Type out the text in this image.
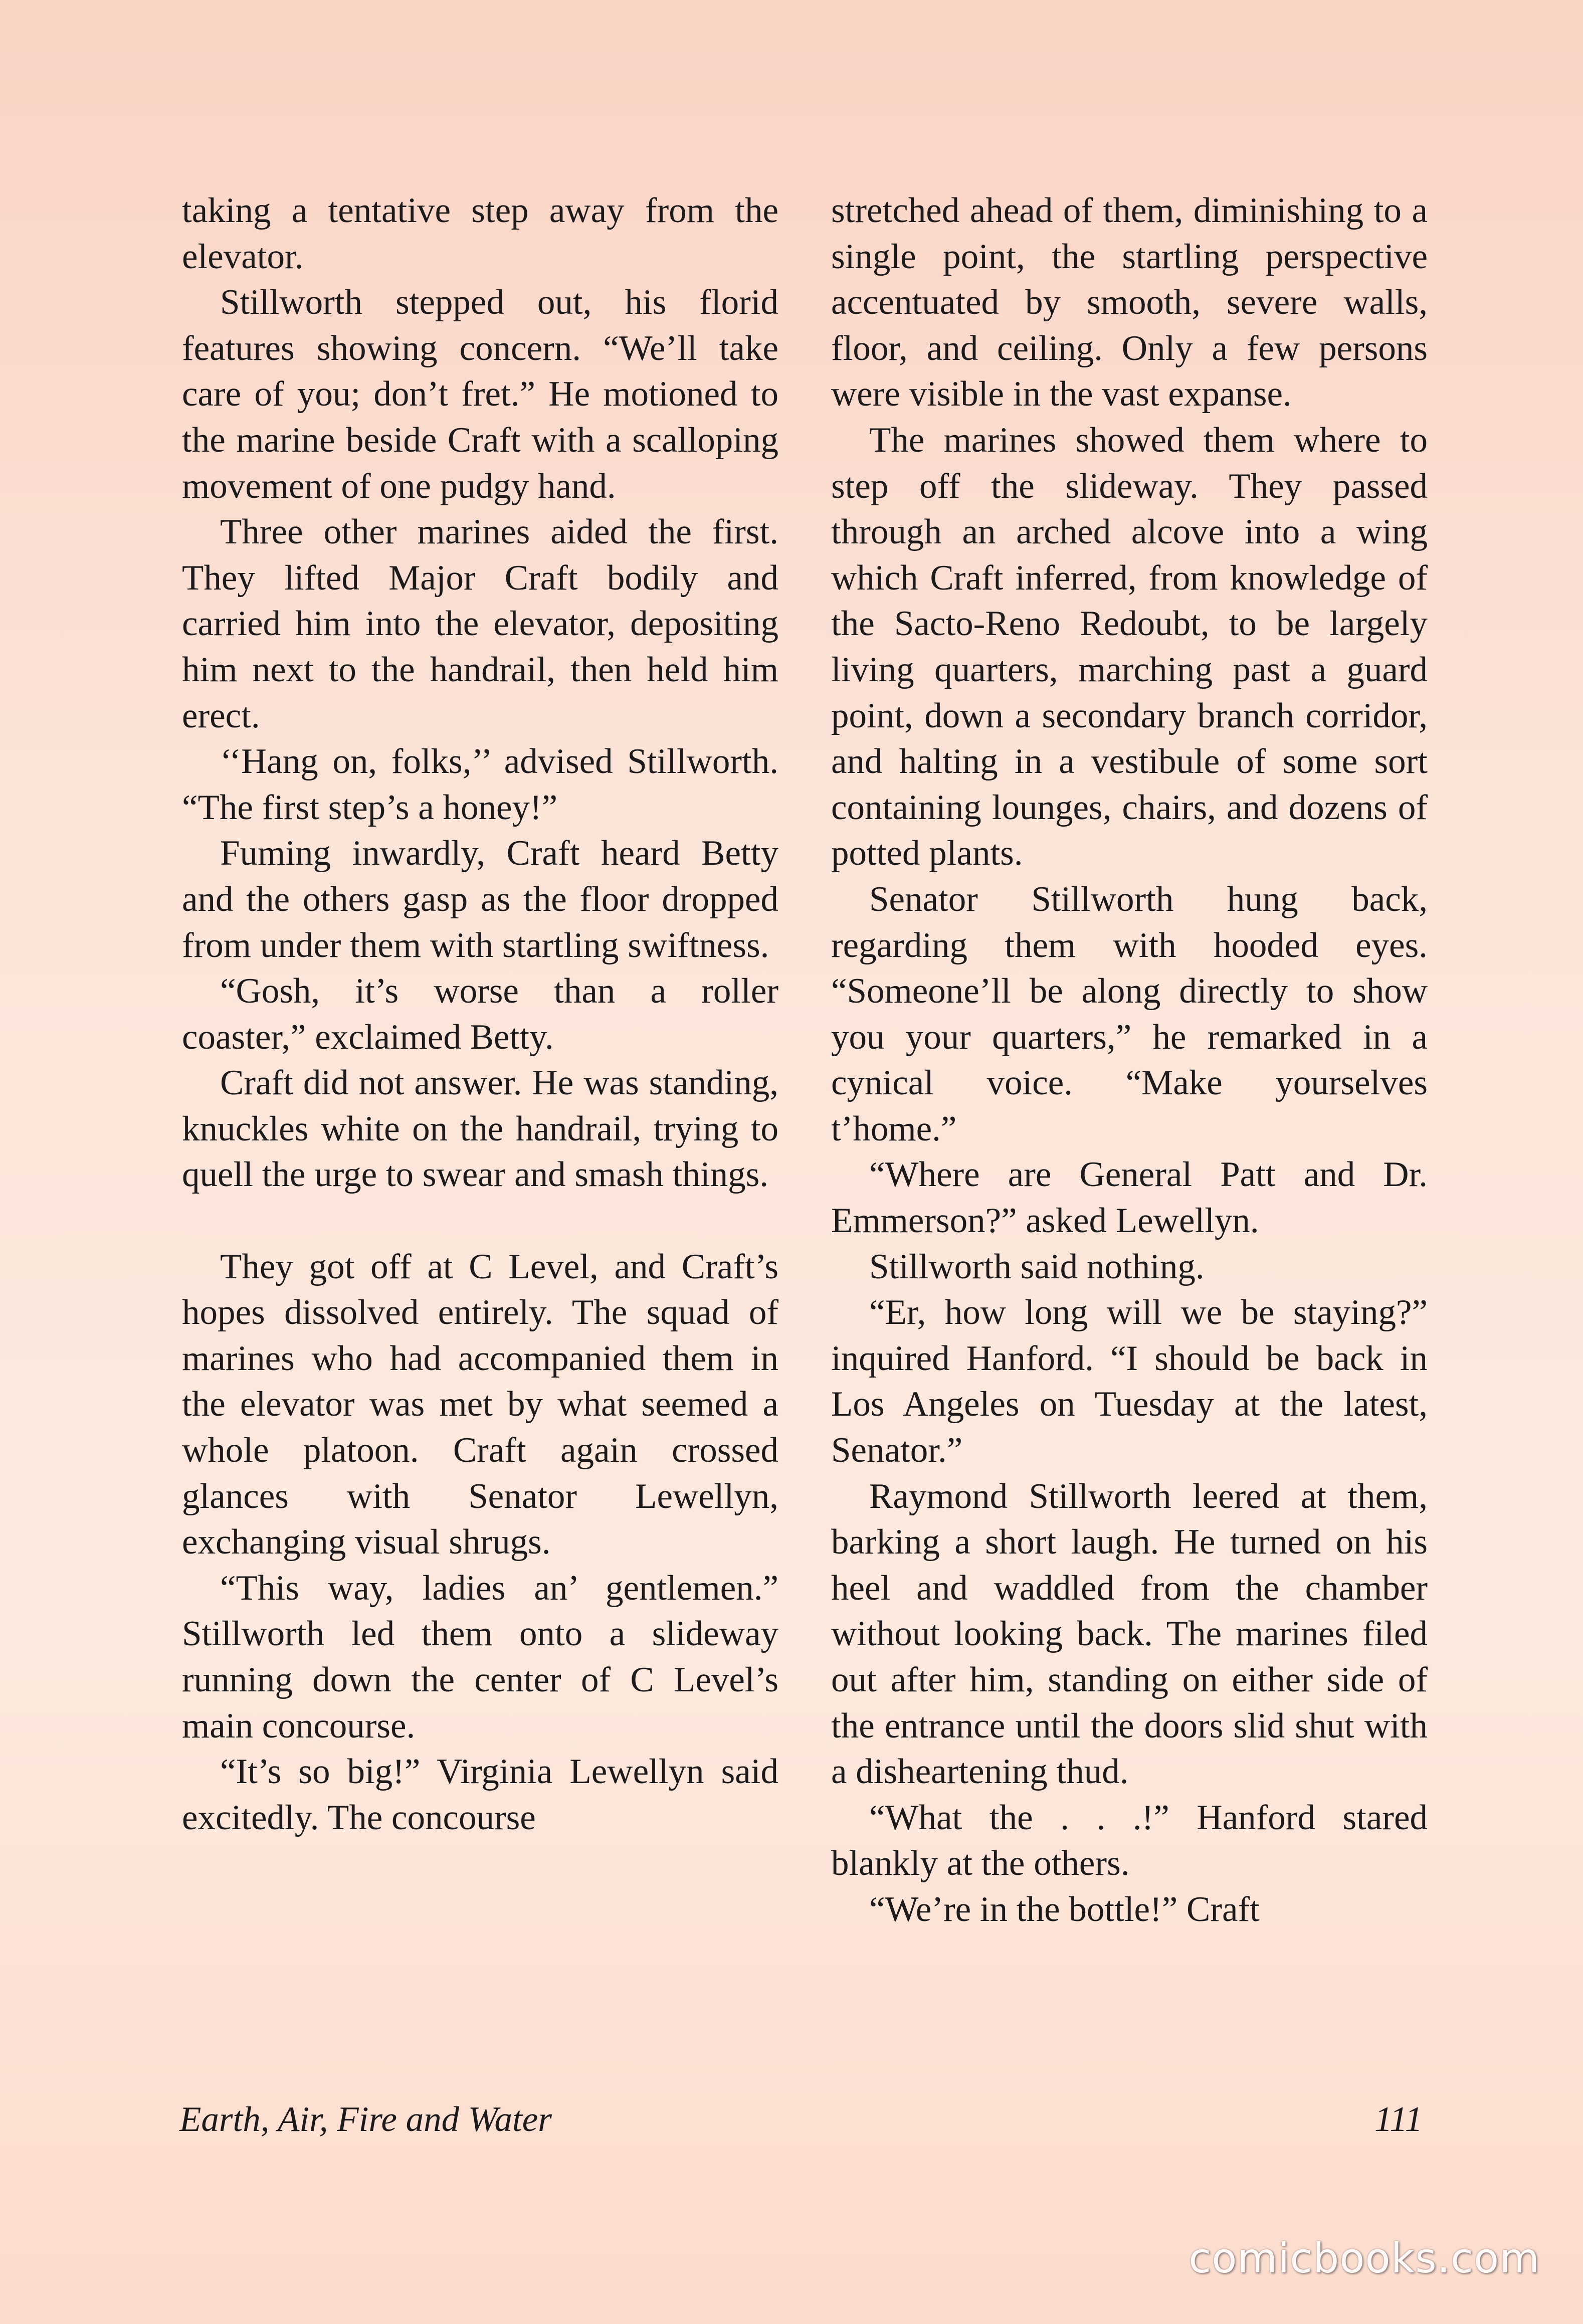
taking a tentative step away from the elevator.

Stillworth stepped out, his florid features showing concern. “We’ll take care of you; don’t fret.” He motioned to the marine beside Craft with a scalloping movement of one pudgy hand.

Three other marines aided the first. They lifted Major Craft bodily and carried him into the elevator, depositing him next to the handrail, then held him erect.

‘‘Hang on, folks,’’ advised Stillworth. “The first step’s a honey!”

Fuming inwardly, Craft heard Betty and the others gasp as the floor dropped from under them with startling swiftness.

“Gosh, it’s worse than a roller coaster,” exclaimed Betty.

Craft did not answer. He was standing, knuckles white on the handrail, trying to quell the urge to swear and smash things.

They got off at C Level, and Craft’s hopes dissolved entirely. The squad of marines who had accompanied them in the elevator was met by what seemed a whole platoon. Craft again crossed glances with Senator Lewellyn, exchanging visual shrugs.

“This way, ladies an’ gentlemen.” Stillworth led them onto a slideway running down the center of C Level’s main concourse.

“It’s so big!” Virginia Lewellyn said excitedly. The concourse

stretched ahead of them, diminishing to a single point, the startling perspective accentuated by smooth, severe walls, floor, and ceiling. Only a few persons were visible in the vast expanse.

The marines showed them where to step off the slideway. They passed through an arched alcove into a wing which Craft inferred, from knowledge of the Sacto-Reno Redoubt, to be largely living quarters, marching past a guard point, down a secondary branch corridor, and halting in a vestibule of some sort containing lounges, chairs, and dozens of potted plants.

Senator Stillworth hung back, regarding them with hooded eyes. “Someone’ll be along directly to show you your quarters,” he remarked in a cynical voice. “Make yourselves t’home.”

“Where are General Patt and Dr. Emmerson?” asked Lewellyn.

Stillworth said nothing.

“Er, how long will we be staying?” inquired Hanford. “I should be back in Los Angeles on Tuesday at the latest, Senator.”

Raymond Stillworth leered at them, barking a short laugh. He turned on his heel and waddled from the chamber without looking back. The marines filed out after him, standing on either side of the entrance until the doors slid shut with a disheartening thud.

“What the . . .!” Hanford stared blankly at the others.

“We’re in the bottle!” Craft

Earth, Air, Fire and Water	111
comicbooks.com
